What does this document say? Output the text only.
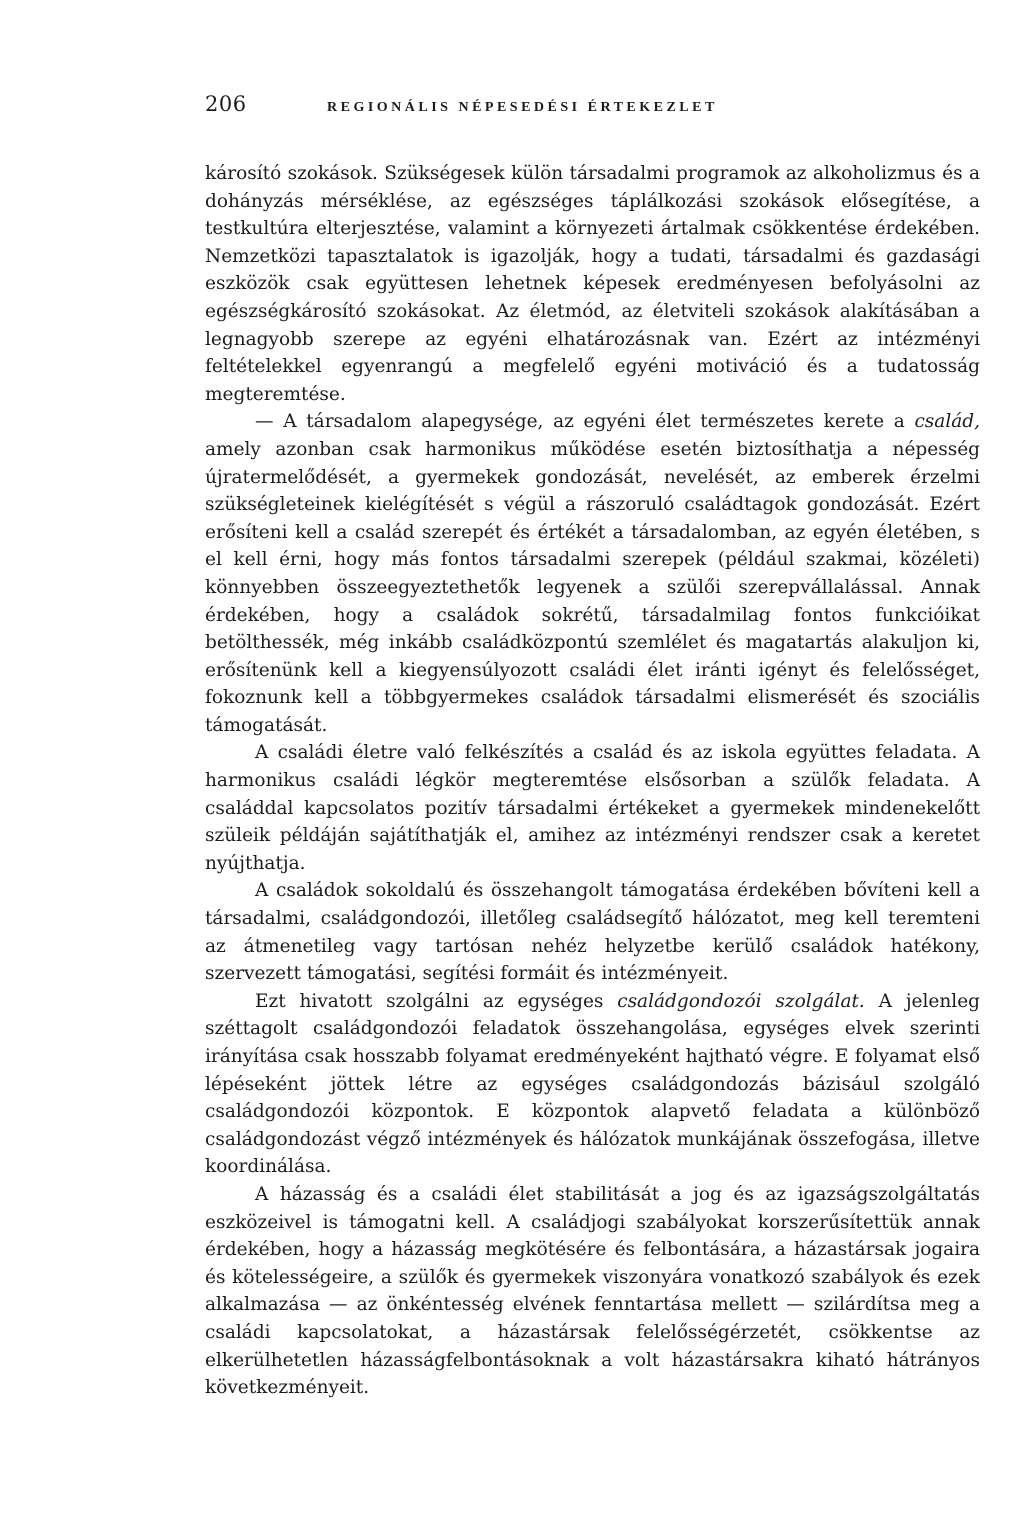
206	REGIONÁLIS NÉPESEDÉSI ÉRTEKEZLET

károsító szokások. Szükségesek külön társadalmi programok az alkoholizmus és a dohányzás mérséklése, az egészséges táplálkozási szokások elősegítése, a testkultúra elterjesztése, valamint a környezeti ártalmak csökkentése érdekében. Nemzetközi tapasztalatok is igazolják, hogy a tudati, társadalmi és gazdasági eszközök csak együttesen lehetnek képesek eredményesen befolyásolni az egészségkárosító szokásokat. Az életmód, az életviteli szokások alakításában a legnagyobb szerepe az egyéni elhatározásnak van. Ezért az intézményi feltételekkel egyenrangú a megfelelő egyéni motiváció és a tudatosság megteremtése.

— A társadalom alapegysége, az egyéni élet természetes kerete a család, amely azonban csak harmonikus működése esetén biztosíthatja a népesség újratermelődését, a gyermekek gondozását, nevelését, az emberek érzelmi szükségleteinek kielégítését s végül a rászoruló családtagok gondozását. Ezért erősíteni kell a család szerepét és értékét a társadalomban, az egyén életében, s el kell érni, hogy más fontos társadalmi szerepek (például szakmai, közéleti) könnyebben összeegyeztethetők legyenek a szülői szerepvállalással. Annak érdekében, hogy a családok sokrétű, társadalmilag fontos funkcióikat betölthessék, még inkább családközpontú szemlélet és magatartás alakuljon ki, erősítenünk kell a kiegyensúlyozott családi élet iránti igényt és felelősséget, fokoznunk kell a többgyermekes családok társadalmi elismerését és szociális támogatását.

A családi életre való felkészítés a család és az iskola együttes feladata. A harmonikus családi légkör megteremtése elsősorban a szülők feladata. A családdal kapcsolatos pozitív társadalmi értékeket a gyermekek mindenekelőtt szüleik példáján sajátíthatják el, amihez az intézményi rendszer csak a keretet nyújthatja.

A családok sokoldalú és összehangolt támogatása érdekében bővíteni kell a társadalmi, családgondozói, illetőleg családsegítő hálózatot, meg kell teremteni az átmenetileg vagy tartósan nehéz helyzetbe kerülő családok hatékony, szervezett támogatási, segítési formáit és intézményeit.

Ezt hivatott szolgálni az egységes családgondozói szolgálat. A jelenleg széttagolt családgondozói feladatok összehangolása, egységes elvek szerinti irányítása csak hosszabb folyamat eredményeként hajtható végre. E folyamat első lépéseként jöttek létre az egységes családgondozás bázisául szolgáló családgondozói központok. E központok alapvető feladata a különböző családgondozást végző intézmények és hálózatok munkájának összefogása, illetve koordinálása.

A házasság és a családi élet stabilitását a jog és az igazságszolgáltatás eszközeivel is támogatni kell. A családjogi szabályokat korszerűsítettük annak érdekében, hogy a házasság megkötésére és felbontására, a házastársak jogaira és kötelességeire, a szülők és gyermekek viszonyára vonatkozó szabályok és ezek alkalmazása — az önkéntesség elvének fenntartása mellett — szilárdítsa meg a családi kapcsolatokat, a házastársak felelősségérzetét, csökkentse az elkerülhetetlen házasságfelbontásoknak a volt házastársakra kiható hátrányos következményeit.
